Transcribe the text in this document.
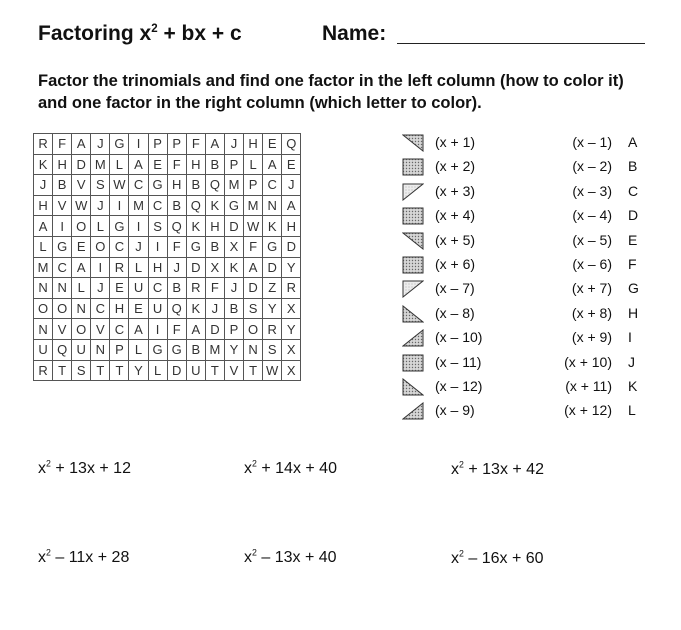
Factoring $x^2$ + bx + c	Name:
Factor the trinomials and find one factor in the left column (how to color it) and one factor in the right column (which letter to color).
R	F	A	J	G	I	P	P	F	A	J	H	E	Q
K	H	D	M	L	A	E	F	H	B	P	L	A	E
J	B	V	S	W	C	G	H	B	Q	M	P	C	J
H	V	W	J	I	M	C	B	Q	K	G	M	N	A
A	I	O	L	G	I	S	Q	K	H	D	W	K	H
L	G	E	O	C	J	I	F	G	B	X	F	G	D
M	C	A	I	R	L	H	J	D	X	K	A	D	Y
N	N	L	J	E	U	C	B	R	F	J	D	Z	R
O	O	N	C	H	E	U	Q	K	J	B	S	Y	X
N	V	O	V	C	A	I	F	A	D	P	O	R	Y
U	Q	U	N	P	L	G	G	B	M	Y	N	S	X
R	T	S	T	T	Y	L	D	U	T	V	T	W	X
(x + 1)	(x – 1) A
(x + 2)	(x – 2) B
(x + 3)	(x – 3) C
(x + 4)	(x – 4) D
(x + 5)	(x – 5) E
(x + 6)	(x – 6) F
(x – 7)	(x + 7) G
(x – 8)	(x + 8) H
(x – 10)	(x + 9) I
(x – 11)	(x + 10) J
(x – 12)	(x + 11) K
(x – 9)	(x + 12) L
$x^2 + 13x + 12$	$x^2 + 14x + 40$	$x^2 + 13x + 42$
$x^2 - 11x + 28$	$x^2 - 13x + 40$	$x^2 - 16x + 60$
